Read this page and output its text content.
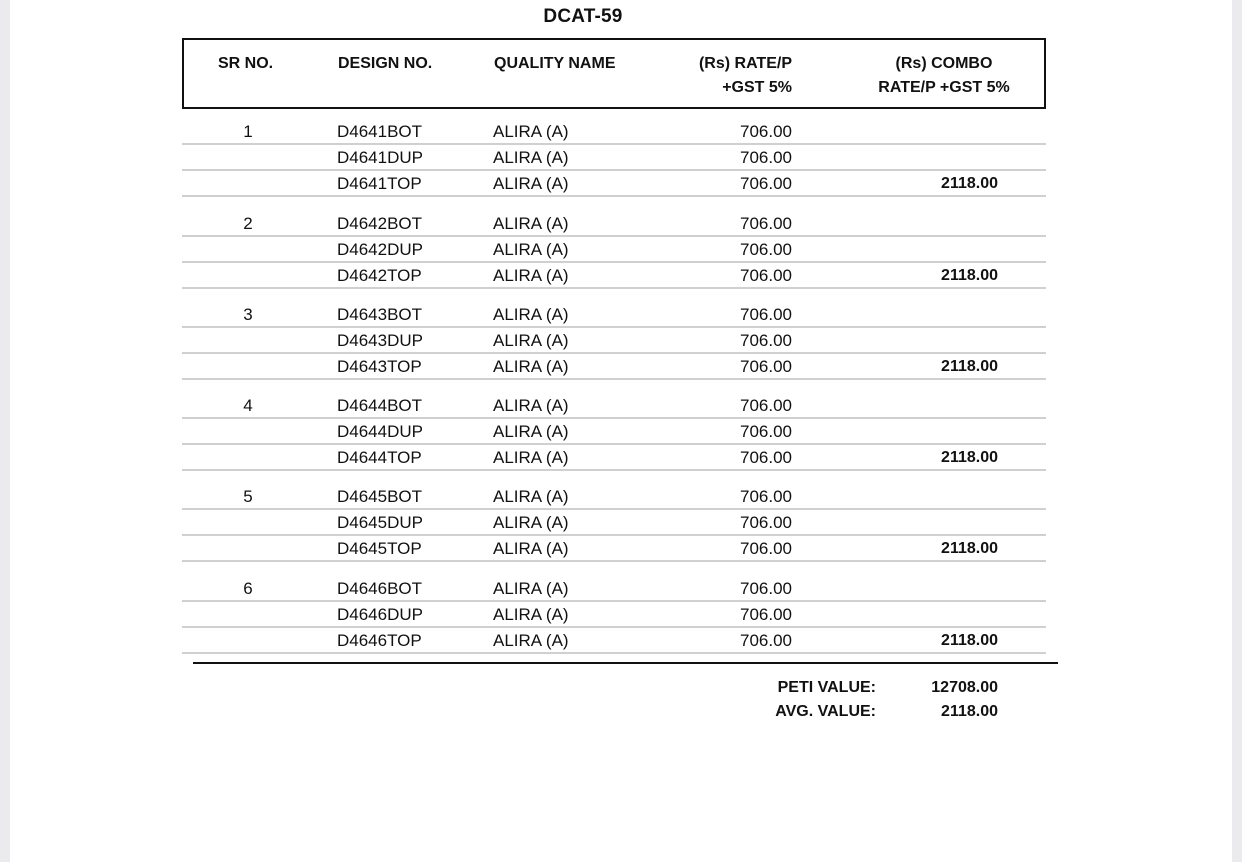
DCAT-59
SR NO.	DESIGN NO.	QUALITY NAME	(Rs) RATE/P
+GST 5%
(Rs) COMBO
RATE/P +GST 5%
1	D4641BOT	ALIRA (A)	706.00
D4641DUP	ALIRA (A)	706.00
D4641TOP	ALIRA (A)	706.00	2118.00
2	D4642BOT	ALIRA (A)	706.00
D4642DUP	ALIRA (A)	706.00
D4642TOP	ALIRA (A)	706.00	2118.00
3	D4643BOT	ALIRA (A)	706.00
D4643DUP	ALIRA (A)	706.00
D4643TOP	ALIRA (A)	706.00	2118.00
4	D4644BOT	ALIRA (A)	706.00
D4644DUP	ALIRA (A)	706.00
D4644TOP	ALIRA (A)	706.00	2118.00
5	D4645BOT	ALIRA (A)	706.00
D4645DUP	ALIRA (A)	706.00
D4645TOP	ALIRA (A)	706.00	2118.00
6	D4646BOT	ALIRA (A)	706.00
D4646DUP	ALIRA (A)	706.00
D4646TOP	ALIRA (A)	706.00	2118.00
PETI VALUE:	12708.00
AVG. VALUE:	2118.00
